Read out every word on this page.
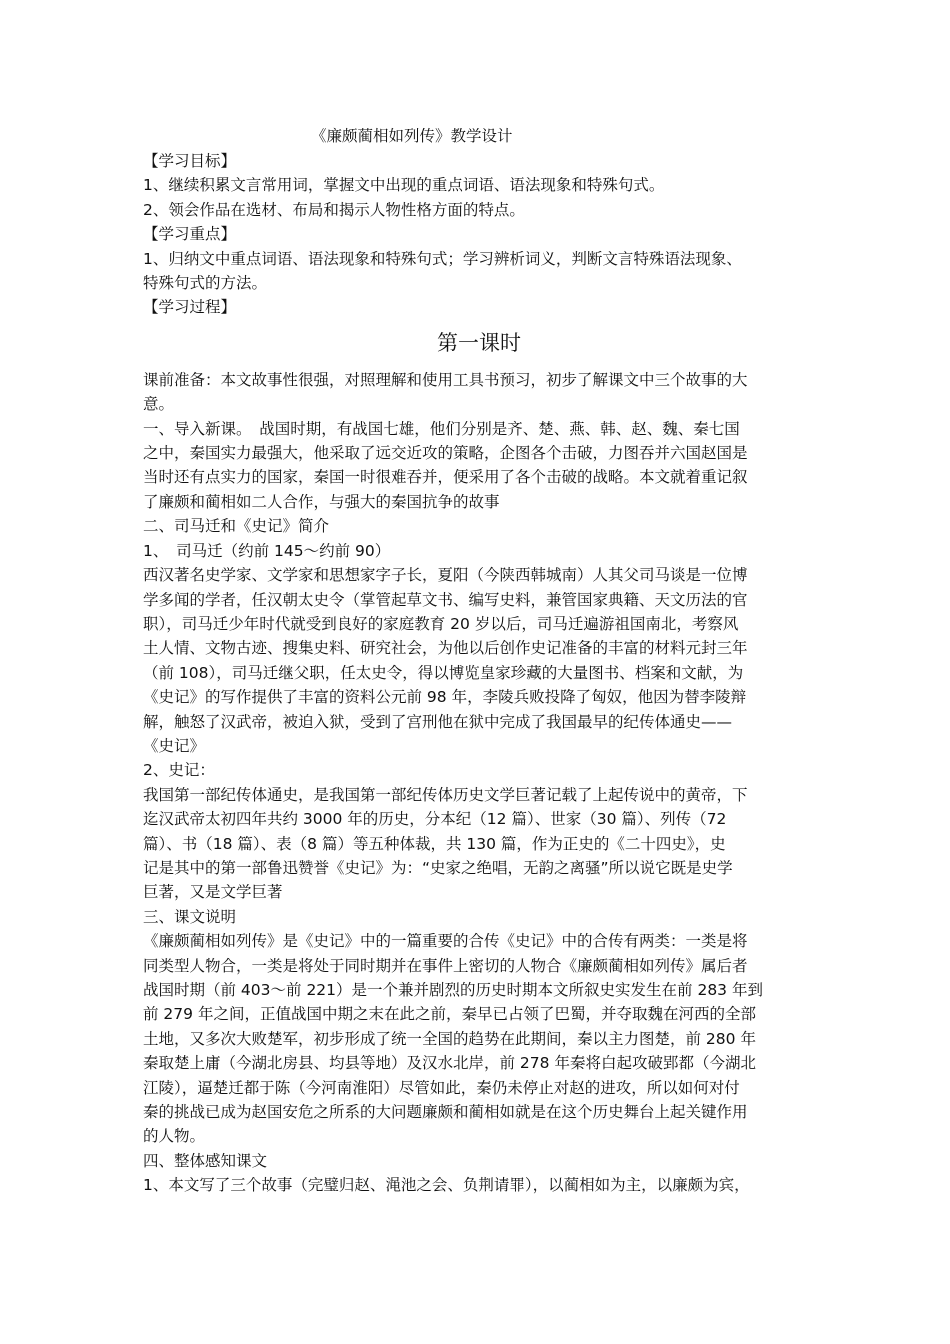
《廉颇蔺相如列传》教学设计
【学习目标】
1、继续积累文言常用词，掌握文中出现的重点词语、语法现象和特殊句式。
2、领会作品在选材、布局和揭示人物性格方面的特点。
【学习重点】
1、归纳文中重点词语、语法现象和特殊句式；学习辨析词义，判断文言特殊语法现象、
特殊句式的方法。
【学习过程】
第一课时
课前准备：本文故事性很强，对照理解和使用工具书预习，初步了解课文中三个故事的大
意。
一、导入新课。　战国时期，有战国七雄，他们分别是齐、楚、燕、韩、赵、魏、秦七国
之中，秦国实力最强大，他采取了远交近攻的策略，企图各个击破，力图吞并六国赵国是
当时还有点实力的国家，秦国一时很难吞并，便采用了各个击破的战略。本文就着重记叙
了廉颇和蔺相如二人合作，与强大的秦国抗争的故事
二、司马迁和《史记》简介
1、　司马迁（约前 145～约前 90）
西汉著名史学家、文学家和思想家字子长，夏阳（今陕西韩城南）人其父司马谈是一位博
学多闻的学者，任汉朝太史令（掌管起草文书、编写史料，兼管国家典籍、天文历法的官
职），司马迁少年时代就受到良好的家庭教育 20 岁以后，司马迁遍游祖国南北，考察风
土人情、文物古迹、搜集史料、研究社会，为他以后创作史记准备的丰富的材料元封三年
（前 108），司马迁继父职，任太史令，得以博览皇家珍藏的大量图书、档案和文献，为
《史记》的写作提供了丰富的资料公元前 98 年，李陵兵败投降了匈奴，他因为替李陵辩
解，触怒了汉武帝，被迫入狱，受到了宫刑他在狱中完成了我国最早的纪传体通史——
《史记》
2、史记：
我国第一部纪传体通史，是我国第一部纪传体历史文学巨著记载了上起传说中的黄帝，下
迄汉武帝太初四年共约 3000 年的历史，分本纪（12 篇）、世家（30 篇）、列传（72
篇）、书（18 篇）、表（8 篇）等五种体裁，共 130 篇，作为正史的《二十四史》，史
记是其中的第一部鲁迅赞誉《史记》为：“史家之绝唱，无韵之离骚”所以说它既是史学
巨著，又是文学巨著
三、课文说明
《廉颇蔺相如列传》是《史记》中的一篇重要的合传《史记》中的合传有两类：一类是将
同类型人物合，一类是将处于同时期并在事件上密切的人物合《廉颇蔺相如列传》属后者
战国时期（前 403～前 221）是一个兼并剧烈的历史时期本文所叙史实发生在前 283 年到
前 279 年之间，正值战国中期之末在此之前，秦早已占领了巴蜀，并夺取魏在河西的全部
土地，又多次大败楚军，初步形成了统一全国的趋势在此期间，秦以主力图楚，前 280 年
秦取楚上庸（今湖北房县、均县等地）及汉水北岸，前 278 年秦将白起攻破郢都（今湖北
江陵），逼楚迁都于陈（今河南淮阳）尽管如此，秦仍未停止对赵的进攻，所以如何对付
秦的挑战已成为赵国安危之所系的大问题廉颇和蔺相如就是在这个历史舞台上起关键作用
的人物。
四、整体感知课文
1、本文写了三个故事（完璧归赵、渑池之会、负荆请罪），以蔺相如为主，以廉颇为宾，
